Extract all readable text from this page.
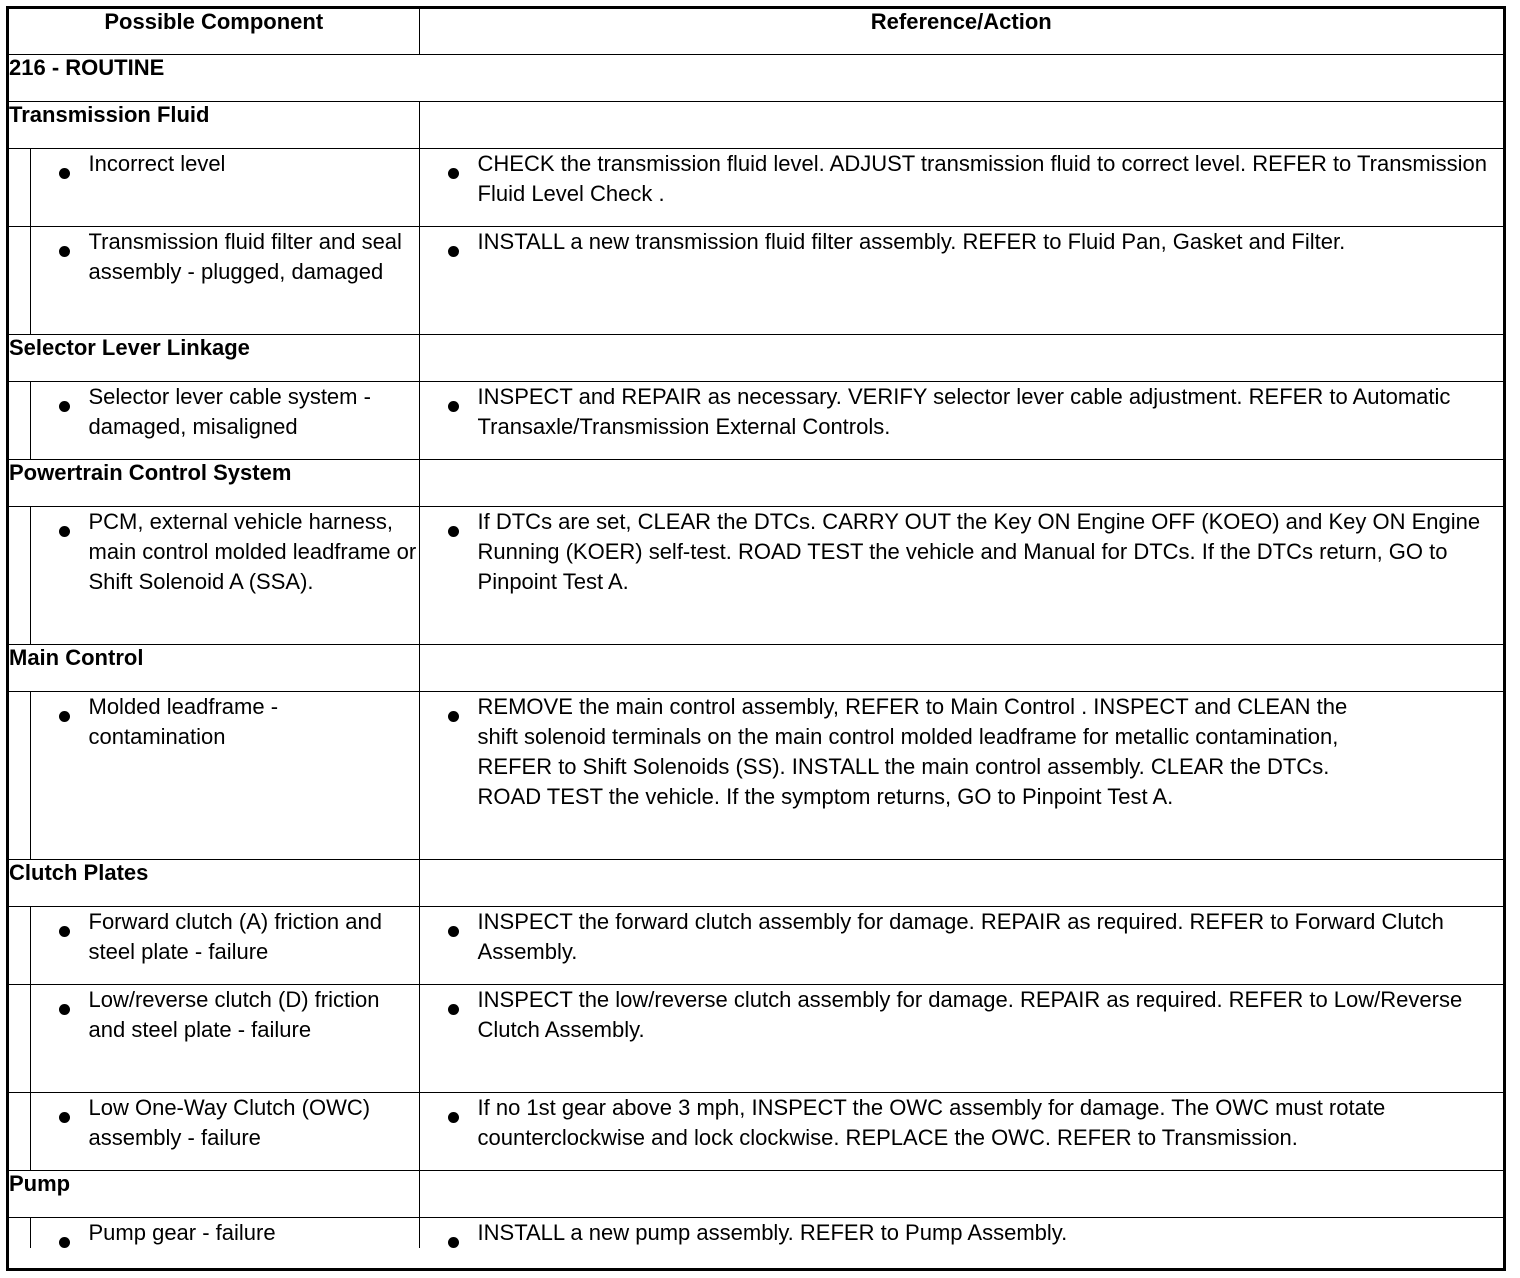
Possible Component		Reference/Action
216 - ROUTINE		
Transmission Fluid		

	Incorrect level	CHECK the transmission fluid level. ADJUST transmission fluid to correct level. REFER to Transmission Fluid Level Check .

	Transmission fluid filter and seal assembly - plugged, damaged	INSTALL a new transmission fluid filter assembly. REFER to Fluid Pan, Gasket and Filter.

Selector Lever Linkage		

	Selector lever cable system - damaged, misaligned	INSPECT and REPAIR as necessary. VERIFY selector lever cable adjustment. REFER to Automatic Transaxle/Transmission External Controls.

Powertrain Control System		

	PCM, external vehicle harness, main control molded leadframe or Shift Solenoid A (SSA).	If DTCs are set, CLEAR the DTCs. CARRY OUT the Key ON Engine OFF (KOEO) and Key ON Engine Running (KOER) self-test. ROAD TEST the vehicle and Manual for DTCs. If the DTCs return, GO to Pinpoint Test A.

Main Control		

	Molded leadframe - contamination	REMOVE the main control assembly, REFER to Main Control . INSPECT and CLEAN the shift solenoid terminals on the main control molded leadframe for metallic contamination, REFER to Shift Solenoids (SS). INSTALL the main control assembly. CLEAR the DTCs. ROAD TEST the vehicle. If the symptom returns, GO to Pinpoint Test A.

Clutch Plates		

	Forward clutch (A) friction and steel plate - failure	INSPECT the forward clutch assembly for damage. REPAIR as required. REFER to Forward Clutch Assembly.

	Low/reverse clutch (D) friction and steel plate - failure	INSPECT the low/reverse clutch assembly for damage. REPAIR as required. REFER to Low/Reverse Clutch Assembly.

	Low One-Way Clutch (OWC) assembly - failure	If no 1st gear above 3 mph, INSPECT the OWC assembly for damage. The OWC must rotate counterclockwise and lock clockwise. REPLACE the OWC. REFER to Transmission.

Pump		

	Pump gear - failure	INSTALL a new pump assembly. REFER to Pump Assembly.
